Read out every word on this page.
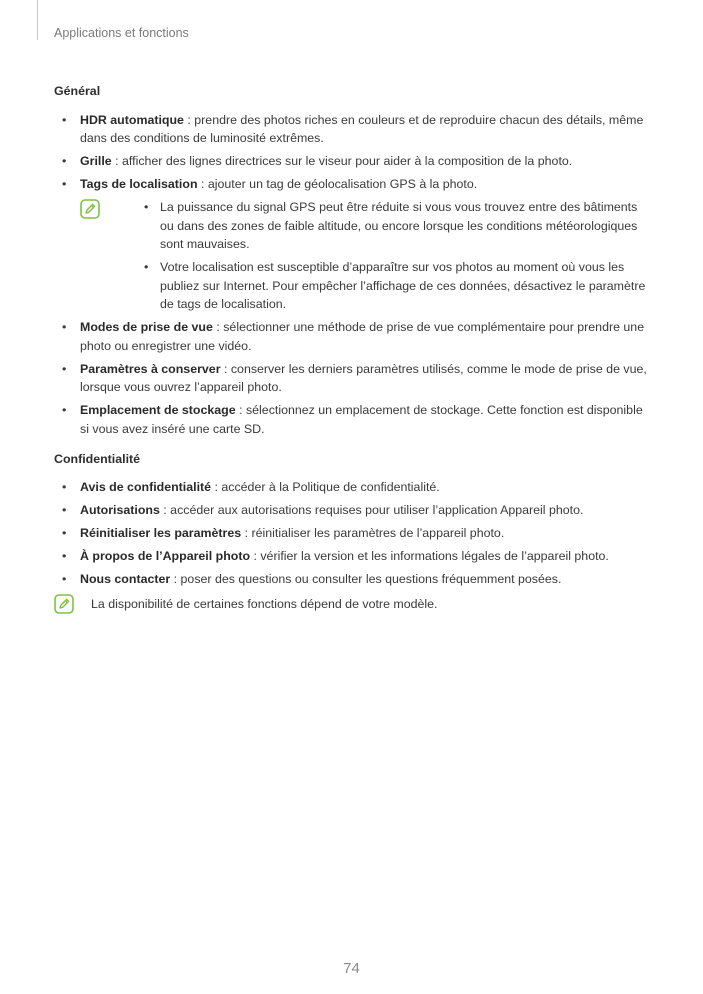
Applications et fonctions

Général

• HDR automatique : prendre des photos riches en couleurs et de reproduire chacun des détails, même dans des conditions de luminosité extrêmes.
• Grille : afficher des lignes directrices sur le viseur pour aider à la composition de la photo.
• Tags de localisation : ajouter un tag de géolocalisation GPS à la photo.
• La puissance du signal GPS peut être réduite si vous vous trouvez entre des bâtiments ou dans des zones de faible altitude, ou encore lorsque les conditions météorologiques sont mauvaises.
• Votre localisation est susceptible d’apparaître sur vos photos au moment où vous les publiez sur Internet. Pour empêcher l’affichage de ces données, désactivez le paramètre de tags de localisation.
• Modes de prise de vue : sélectionner une méthode de prise de vue complémentaire pour prendre une photo ou enregistrer une vidéo.
• Paramètres à conserver : conserver les derniers paramètres utilisés, comme le mode de prise de vue, lorsque vous ouvrez l’appareil photo.
• Emplacement de stockage : sélectionnez un emplacement de stockage. Cette fonction est disponible si vous avez inséré une carte SD.

Confidentialité

• Avis de confidentialité : accéder à la Politique de confidentialité.
• Autorisations : accéder aux autorisations requises pour utiliser l’application Appareil photo.
• Réinitialiser les paramètres : réinitialiser les paramètres de l’appareil photo.
• À propos de l’Appareil photo : vérifier la version et les informations légales de l’appareil photo.
• Nous contacter : poser des questions ou consulter les questions fréquemment posées.
La disponibilité de certaines fonctions dépend de votre modèle.
74
